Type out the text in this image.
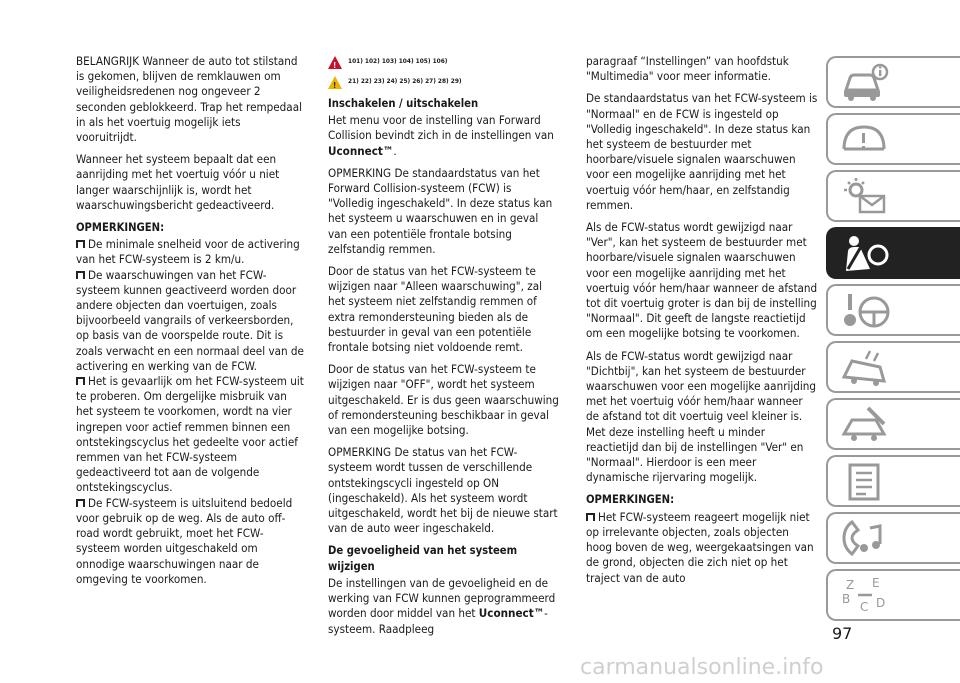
BELANGRIJK Wanneer de auto tot stilstand is gekomen, blijven de remklauwen om veiligheidsredenen nog ongeveer 2 seconden geblokkeerd. Trap het rempedaal in als het voertuig mogelijk iets vooruitrijdt.

Wanneer het systeem bepaalt dat een aanrijding met het voertuig vóór u niet langer waarschijnlijk is, wordt het waarschuwingsbericht gedeactiveerd.

OPMERKINGEN:
De minimale snelheid voor de activering van het FCW-systeem is 2 km/u.
De waarschuwingen van het FCW-systeem kunnen geactiveerd worden door andere objecten dan voertuigen, zoals bijvoorbeeld vangrails of verkeersborden, op basis van de voorspelde route. Dit is zoals verwacht en een normaal deel van de activering en werking van de FCW.
Het is gevaarlijk om het FCW-systeem uit te proberen. Om dergelijke misbruik van het systeem te voorkomen, wordt na vier ingrepen voor actief remmen binnen een ontstekingscyclus het gedeelte voor actief remmen van het FCW-systeem gedeactiveerd tot aan de volgende ontstekingscyclus.
De FCW-systeem is uitsluitend bedoeld voor gebruik op de weg. Als de auto off-road wordt gebruikt, moet het FCW-systeem worden uitgeschakeld om onnodige waarschuwingen naar de omgeving te voorkomen.
!
101) 102) 103) 104) 105) 106)
!
21) 22) 23) 24) 25) 26) 27) 28) 29)
Inschakelen / uitschakelen

Het menu voor de instelling van Forward Collision bevindt zich in de instellingen van Uconnect™.

OPMERKING De standaardstatus van het Forward Collision-systeem (FCW) is "Volledig ingeschakeld". In deze status kan het systeem u waarschuwen en in geval van een potentiële frontale botsing zelfstandig remmen.

Door de status van het FCW-systeem te wijzigen naar "Alleen waarschuwing", zal het systeem niet zelfstandig remmen of extra remondersteuning bieden als de bestuurder in geval van een potentiële frontale botsing niet voldoende remt.

Door de status van het FCW-systeem te wijzigen naar "OFF", wordt het systeem uitgeschakeld. Er is dus geen waarschuwing of remondersteuning beschikbaar in geval van een mogelijke botsing.

OPMERKING De status van het FCW-systeem wordt tussen de verschillende ontstekingscycli ingesteld op ON (ingeschakeld). Als het systeem wordt uitgeschakeld, wordt het bij de nieuwe start van de auto weer ingeschakeld.

De gevoeligheid van het systeem wijzigen

De instellingen van de gevoeligheid en de werking van FCW kunnen geprogrammeerd worden door middel van het Uconnect™-systeem. Raadpleeg

paragraaf “Instellingen” van hoofdstuk "Multimedia" voor meer informatie.

De standaardstatus van het FCW-systeem is "Normaal" en de FCW is ingesteld op "Volledig ingeschakeld". In deze status kan het systeem de bestuurder met hoorbare/visuele signalen waarschuwen voor een mogelijke aanrijding met het voertuig vóór hem/haar, en zelfstandig remmen.

Als de FCW-status wordt gewijzigd naar "Ver", kan het systeem de bestuurder met hoorbare/visuele signalen waarschuwen voor een mogelijke aanrijding met het voertuig vóór hem/haar wanneer de afstand tot dit voertuig groter is dan bij de instelling "Normaal". Dit geeft de langste reactietijd om een mogelijke botsing te voorkomen.

Als de FCW-status wordt gewijzigd naar "Dichtbij", kan het systeem de bestuurder waarschuwen voor een mogelijke aanrijding met het voertuig vóór hem/haar wanneer de afstand tot dit voertuig veel kleiner is. Met deze instelling heeft u minder reactietijd dan bij de instellingen "Ver" en "Normaal". Hierdoor is een meer dynamische rijervaring mogelijk.

OPMERKINGEN:
Het FCW-systeem reageert mogelijk niet op irrelevante objecten, zoals objecten hoog boven de weg, weergekaatsingen van de grond, objecten die zich niet op het traject van de auto
Z E
B
C D
97
carmanualsonline.info
